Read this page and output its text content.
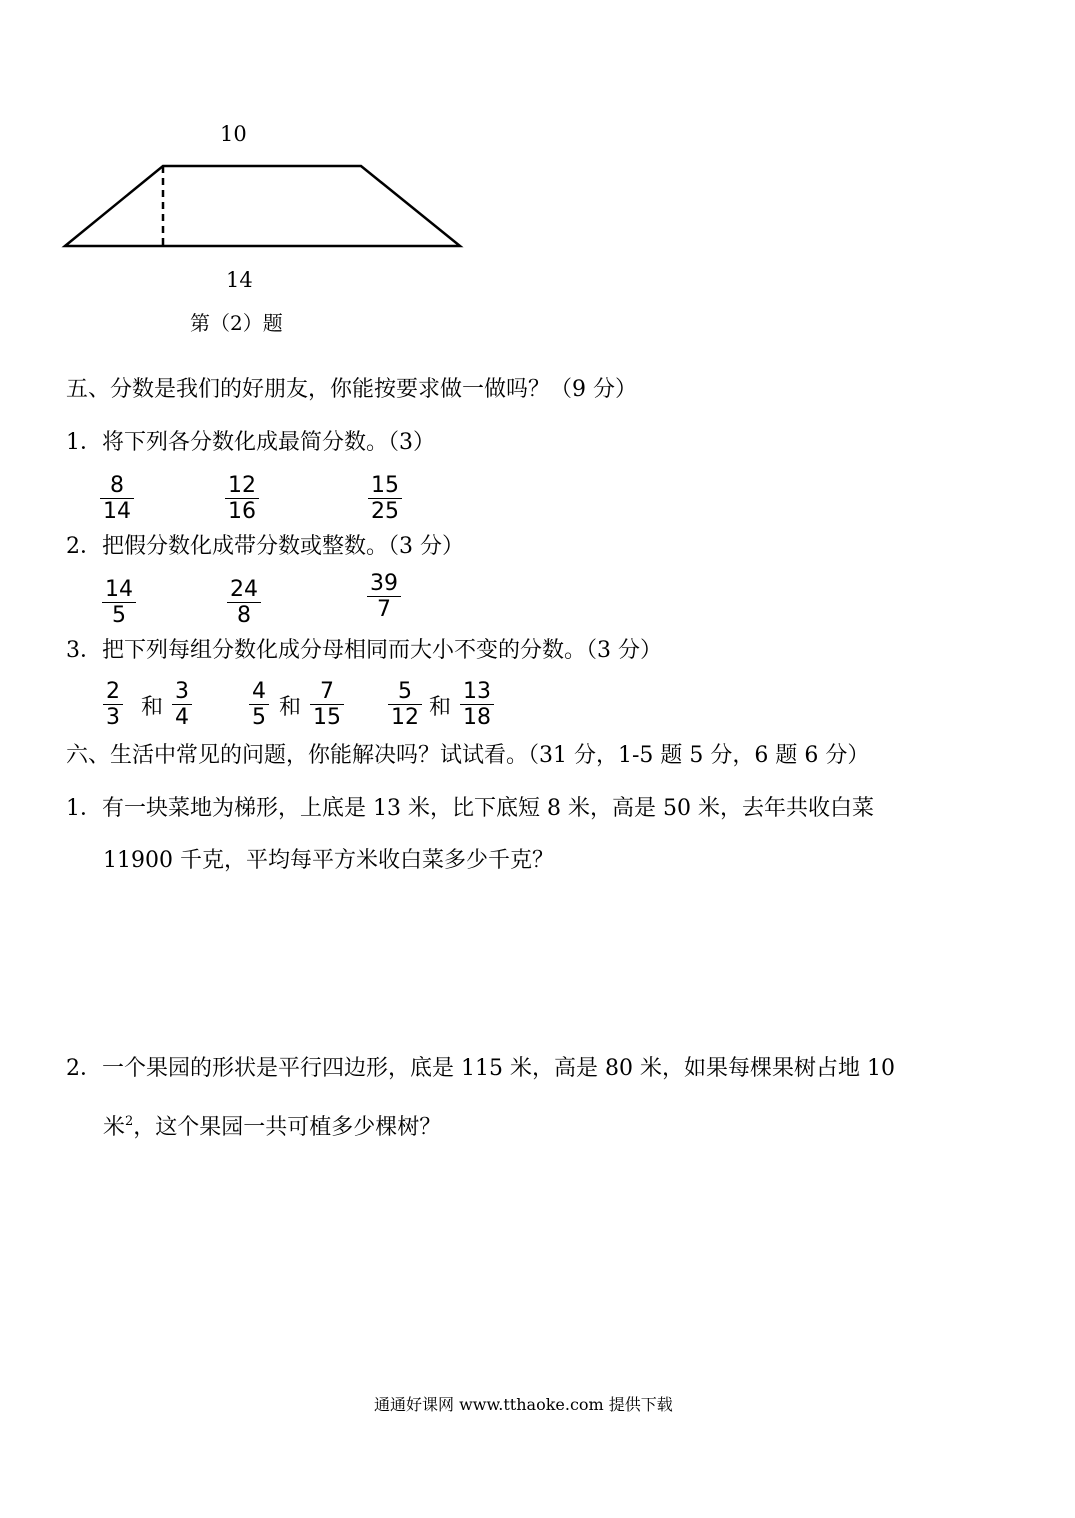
10
14
第（2）题
五、分数是我们的好朋友，你能按要求做一做吗？（9 分）
1．将下列各分数化成最简分数。（3）
8
14
12
16
15
25
2．把假分数化成带分数或整数。（3 分）
14
5
24
8
39
7
3．把下列每组分数化成分母相同而大小不变的分数。（3 分）
2
3 和
3
4
4
5 和
7
15
5
12 和
13
18
六、生活中常见的问题，你能解决吗？试试看。（31 分，1-5 题 5 分，6 题 6 分）
1．有一块菜地为梯形，上底是 13 米，比下底短 8 米，高是 50 米，去年共收白菜
11900 千克，平均每平方米收白菜多少千克？
2．一个果园的形状是平行四边形，底是 115 米，高是 80 米，如果每棵果树占地 10
米$^2$，这个果园一共可植多少棵树？
通通好课网 www.tthaoke.com 提供下载
